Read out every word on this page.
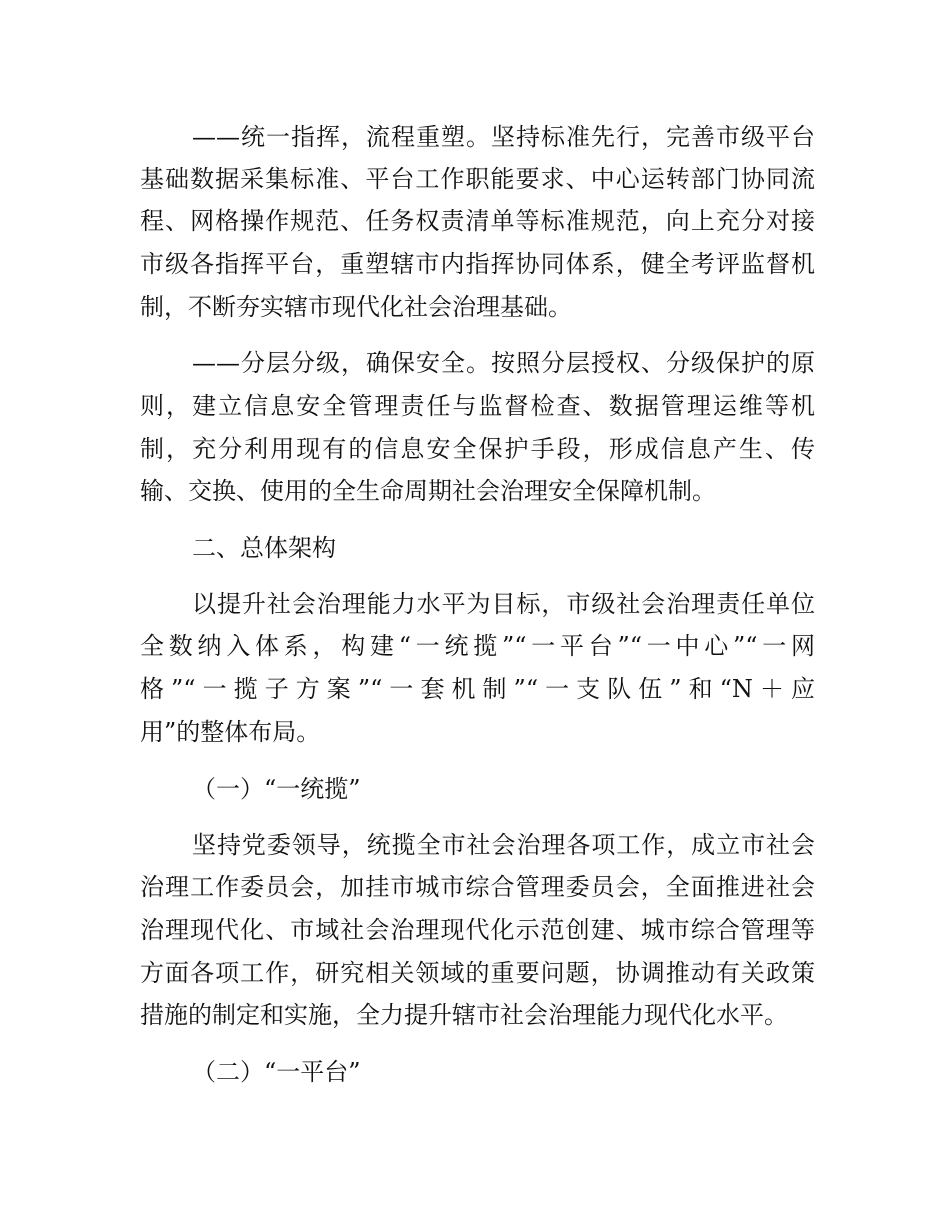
——统一指挥，流程重塑。坚持标准先行，完善市级平台
基础数据采集标准、平台工作职能要求、中心运转部门协同流
程、网格操作规范、任务权责清单等标准规范，向上充分对接
市级各指挥平台，重塑辖市内指挥协同体系，健全考评监督机
制，不断夯实辖市现代化社会治理基础。
——分层分级，确保安全。按照分层授权、分级保护的原
则，建立信息安全管理责任与监督检查、数据管理运维等机
制，充分利用现有的信息安全保护手段，形成信息产生、传
输、交换、使用的全生命周期社会治理安全保障机制。
二、总体架构
以提升社会治理能力水平为目标，市级社会治理责任单位
全数纳入体系，构建“一统揽”“一平台”“一中心”“一网
格”“一揽子方案”“一套机制”“一支队伍”和“N＋应
用”的整体布局。
（一）“一统揽”
坚持党委领导，统揽全市社会治理各项工作，成立市社会
治理工作委员会，加挂市城市综合管理委员会，全面推进社会
治理现代化、市域社会治理现代化示范创建、城市综合管理等
方面各项工作，研究相关领域的重要问题，协调推动有关政策
措施的制定和实施，全力提升辖市社会治理能力现代化水平。
（二）“一平台”
